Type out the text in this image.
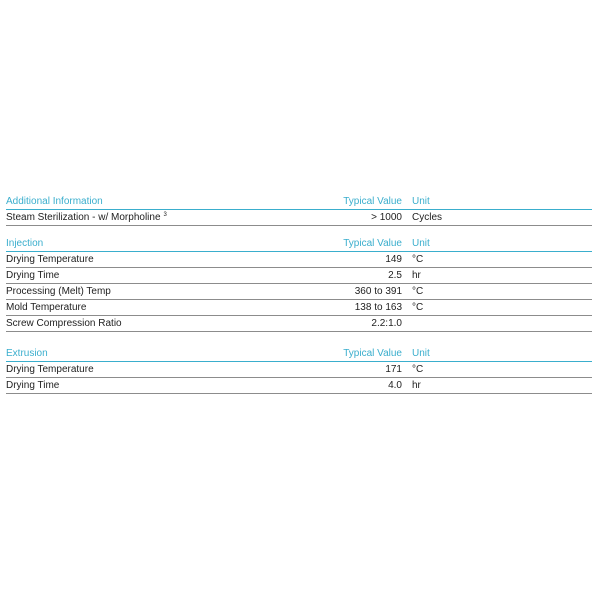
Additional Information	Typical Value Unit
Steam Sterilization - w/ Morpholine $^3$	> 1000 Cycles
Injection	Typical Value Unit
Drying Temperature	149 °C
Drying Time	2.5 hr
Processing (Melt) Temp	360 to 391 °C
Mold Temperature	138 to 163 °C
Screw Compression Ratio	2.2:1.0
Extrusion	Typical Value Unit
Drying Temperature	171 °C
Drying Time	4.0 hr
